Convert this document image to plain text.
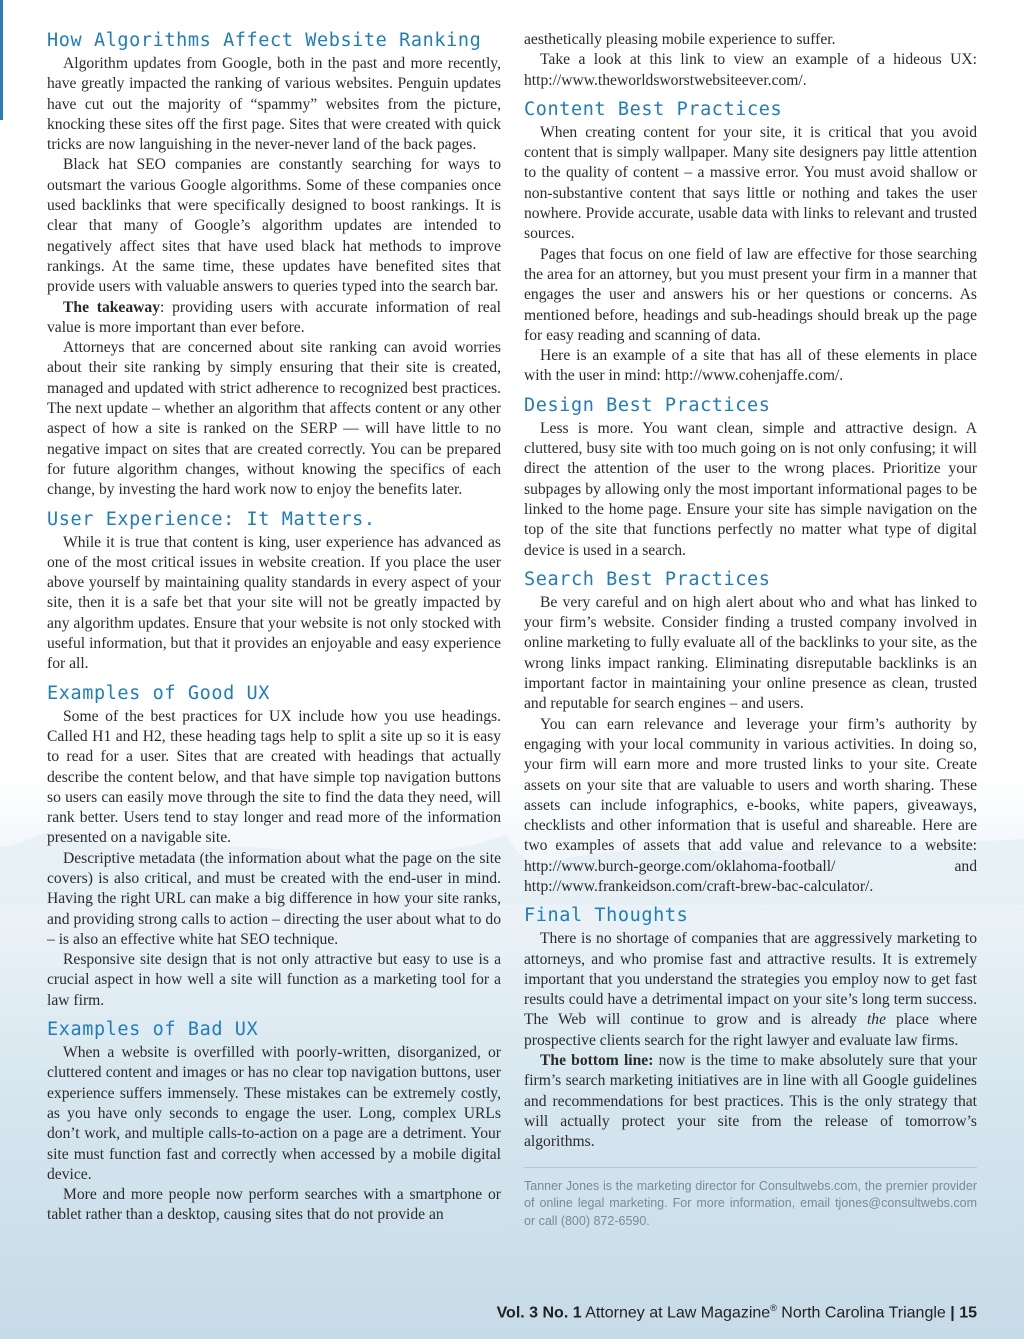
How Algorithms Affect Website Ranking

Algorithm updates from Google, both in the past and more recently, have greatly impacted the ranking of various websites. Penguin updates have cut out the majority of “spammy” websites from the picture, knocking these sites off the first page. Sites that were created with quick tricks are now languishing in the never-never land of the back pages.

Black hat SEO companies are constantly searching for ways to outsmart the various Google algorithms. Some of these companies once used backlinks that were specifically designed to boost rankings. It is clear that many of Google’s algorithm updates are intended to negatively affect sites that have used black hat methods to improve rankings. At the same time, these updates have benefited sites that provide users with valuable answers to queries typed into the search bar.

The takeaway: providing users with accurate information of real value is more important than ever before.

Attorneys that are concerned about site ranking can avoid worries about their site ranking by simply ensuring that their site is created, managed and updated with strict adherence to recognized best practices. The next update – whether an algorithm that affects content or any other aspect of how a site is ranked on the SERP — will have little to no negative impact on sites that are created correctly. You can be prepared for future algorithm changes, without knowing the specifics of each change, by investing the hard work now to enjoy the benefits later.

User Experience: It Matters.

While it is true that content is king, user experience has advanced as one of the most critical issues in website creation. If you place the user above yourself by maintaining quality standards in every aspect of your site, then it is a safe bet that your site will not be greatly impacted by any algorithm updates. Ensure that your website is not only stocked with useful information, but that it provides an enjoyable and easy experience for all.

Examples of Good UX

Some of the best practices for UX include how you use headings. Called H1 and H2, these heading tags help to split a site up so it is easy to read for a user. Sites that are created with headings that actually describe the content below, and that have simple top navigation buttons so users can easily move through the site to find the data they need, will rank better. Users tend to stay longer and read more of the information presented on a navigable site.

Descriptive metadata (the information about what the page on the site covers) is also critical, and must be created with the end-user in mind. Having the right URL can make a big difference in how your site ranks, and providing strong calls to action – directing the user about what to do – is also an effective white hat SEO technique.

Responsive site design that is not only attractive but easy to use is a crucial aspect in how well a site will function as a marketing tool for a law firm.

Examples of Bad UX

When a website is overfilled with poorly-written, disorganized, or cluttered content and images or has no clear top navigation buttons, user experience suffers immensely. These mistakes can be extremely costly, as you have only seconds to engage the user. Long, complex URLs don’t work, and multiple calls-to-action on a page are a detriment. Your site must function fast and correctly when accessed by a mobile digital device.

More and more people now perform searches with a smartphone or tablet rather than a desktop, causing sites that do not provide an

aesthetically pleasing mobile experience to suffer.

Take a look at this link to view an example of a hideous UX: http://www.theworldsworstwebsiteever.com/.

Content Best Practices

When creating content for your site, it is critical that you avoid content that is simply wallpaper. Many site designers pay little attention to the quality of content – a massive error. You must avoid shallow or non-substantive content that says little or nothing and takes the user nowhere. Provide accurate, usable data with links to relevant and trusted sources.

Pages that focus on one field of law are effective for those searching the area for an attorney, but you must present your firm in a manner that engages the user and answers his or her questions or concerns. As mentioned before, headings and sub-headings should break up the page for easy reading and scanning of data.

Here is an example of a site that has all of these elements in place with the user in mind: http://www.cohenjaffe.com/.

Design Best Practices

Less is more. You want clean, simple and attractive design. A cluttered, busy site with too much going on is not only confusing; it will direct the attention of the user to the wrong places. Prioritize your subpages by allowing only the most important informational pages to be linked to the home page. Ensure your site has simple navigation on the top of the site that functions perfectly no matter what type of digital device is used in a search.

Search Best Practices

Be very careful and on high alert about who and what has linked to your firm’s website. Consider finding a trusted company involved in online marketing to fully evaluate all of the backlinks to your site, as the wrong links impact ranking. Eliminating disreputable backlinks is an important factor in maintaining your online presence as clean, trusted and reputable for search engines – and users.

You can earn relevance and leverage your firm’s authority by engaging with your local community in various activities. In doing so, your firm will earn more and more trusted links to your site. Create assets on your site that are valuable to users and worth sharing. These assets can include infographics, e-books, white papers, giveaways, checklists and other information that is useful and shareable. Here are two examples of assets that add value and relevance to a website: http://www.burch-george.com/oklahoma-football/ and http://www.frankeidson.com/craft-brew-bac-calculator/.

Final Thoughts

There is no shortage of companies that are aggressively marketing to attorneys, and who promise fast and attractive results. It is extremely important that you understand the strategies you employ now to get fast results could have a detrimental impact on your site’s long term success. The Web will continue to grow and is already the place where prospective clients search for the right lawyer and evaluate law firms.

The bottom line: now is the time to make absolutely sure that your firm’s search marketing initiatives are in line with all Google guidelines and recommendations for best practices. This is the only strategy that will actually protect your site from the release of tomorrow’s algorithms.

Tanner Jones is the marketing director for Consultwebs.com, the premier provider of online legal marketing. For more information, email tjones@consultwebs.com or call (800) 872-6590.
Vol. 3 No. 1 Attorney at Law Magazine® North Carolina Triangle | 15
